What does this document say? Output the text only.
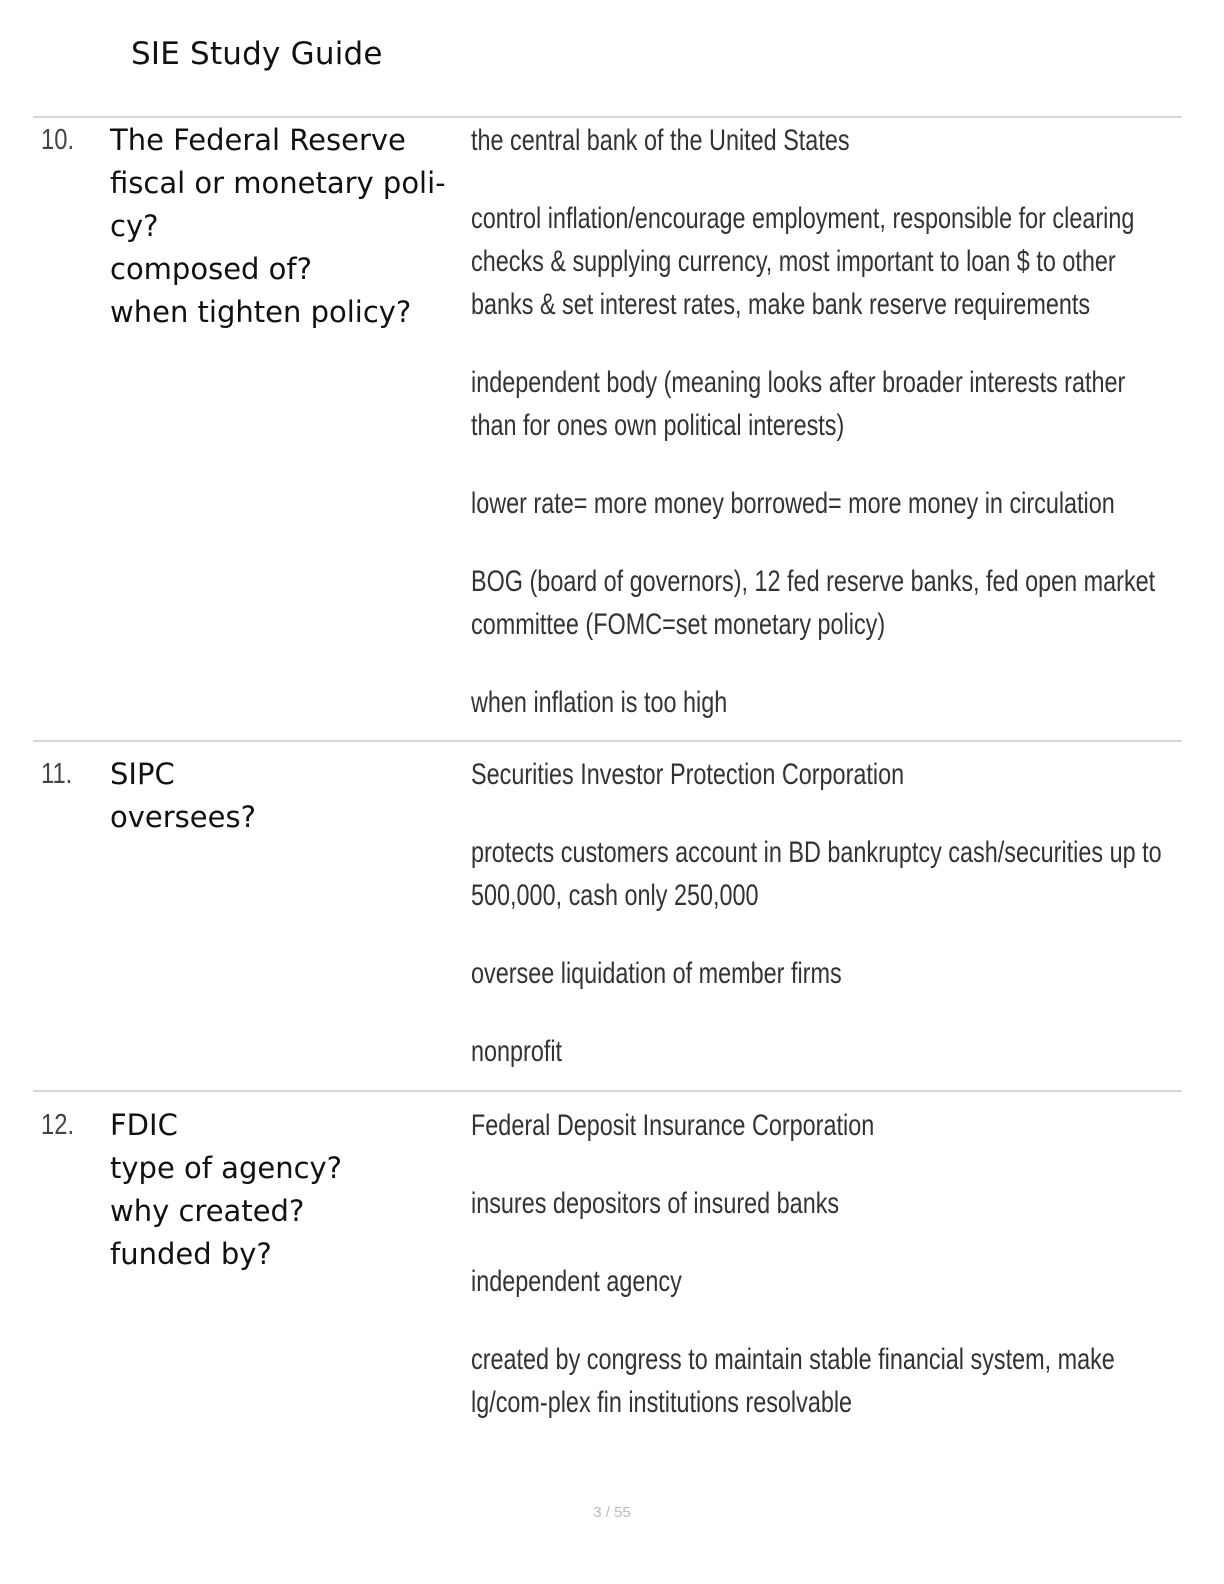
SIE Study Guide
10. The Federal Reserve
fiscal or monetary poli-
cy?
composed of?
when tighten policy?
the central bank of the United States
control inflation/encourage employment, responsible for clearing checks & supplying currency, most important to loan $ to other banks & set interest rates, make bank reserve requirements
independent body (meaning looks after broader interests rather than for ones own political interests)
lower rate= more money borrowed= more money in circulation
BOG (board of governors), 12 fed reserve banks, fed open market committee (FOMC=set monetary policy)
when inflation is too high
11. SIPC
oversees?
Securities Investor Protection Corporation
protects customers account in BD bankruptcy cash/securities up to 500,000, cash only 250,000
oversee liquidation of member firms
nonprofit
12. FDIC
type of agency?
why created?
funded by?
Federal Deposit Insurance Corporation
insures depositors of insured banks
independent agency
created by congress to maintain stable financial system, make lg/com-plex fin institutions resolvable
3 / 55
